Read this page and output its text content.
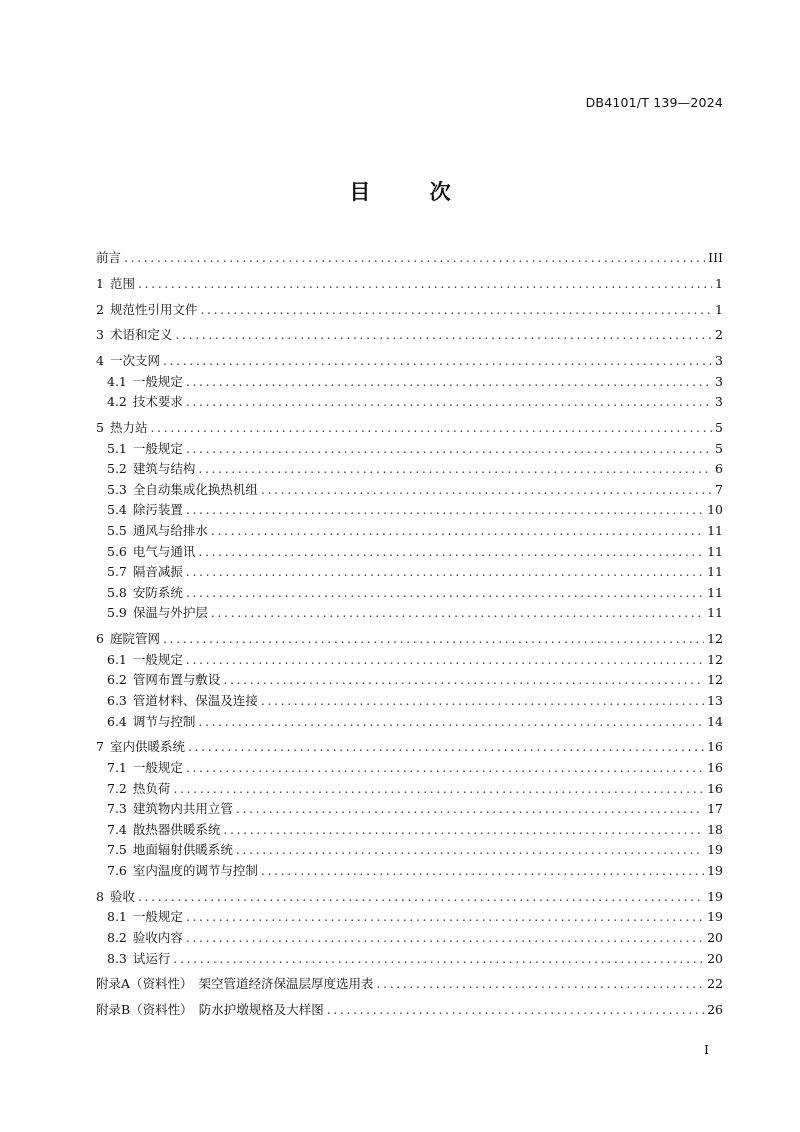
DB4101/T 139—2024
目	次
前言 .....	III
1 范围 .....	1
2 规范性引用文件 .....	1
3 术语和定义 .....	2
4 一次支网 .....	3
4.1 一般规定 .....	3
4.2 技术要求 .....	3
5 热力站 .....	5
5.1 一般规定 .....	5
5.2 建筑与结构 .....	6
5.3 全自动集成化换热机组 .....	7
5.4 除污装置 .....	10
5.5 通风与给排水 .....	11
5.6 电气与通讯 .....	11
5.7 隔音减振 .....	11
5.8 安防系统 .....	11
5.9 保温与外护层 .....	11
6 庭院管网 .....	12
6.1 一般规定 .....	12
6.2 管网布置与敷设 .....	12
6.3 管道材料、保温及连接 .....	13
6.4 调节与控制 .....	14
7 室内供暖系统 .....	16
7.1 一般规定 .....	16
7.2 热负荷 .....	16
7.3 建筑物内共用立管 .....	17
7.4 散热器供暖系统 .....	18
7.5 地面辐射供暖系统 .....	19
7.6 室内温度的调节与控制 .....	19
8 验收 .....	19
8.1 一般规定 .....	19
8.2 验收内容 .....	20
8.3 试运行 .....	20
附录A（资料性） 架空管道经济保温层厚度选用表 .....	22
附录B（资料性） 防水护墩规格及大样图 .....	26
I
